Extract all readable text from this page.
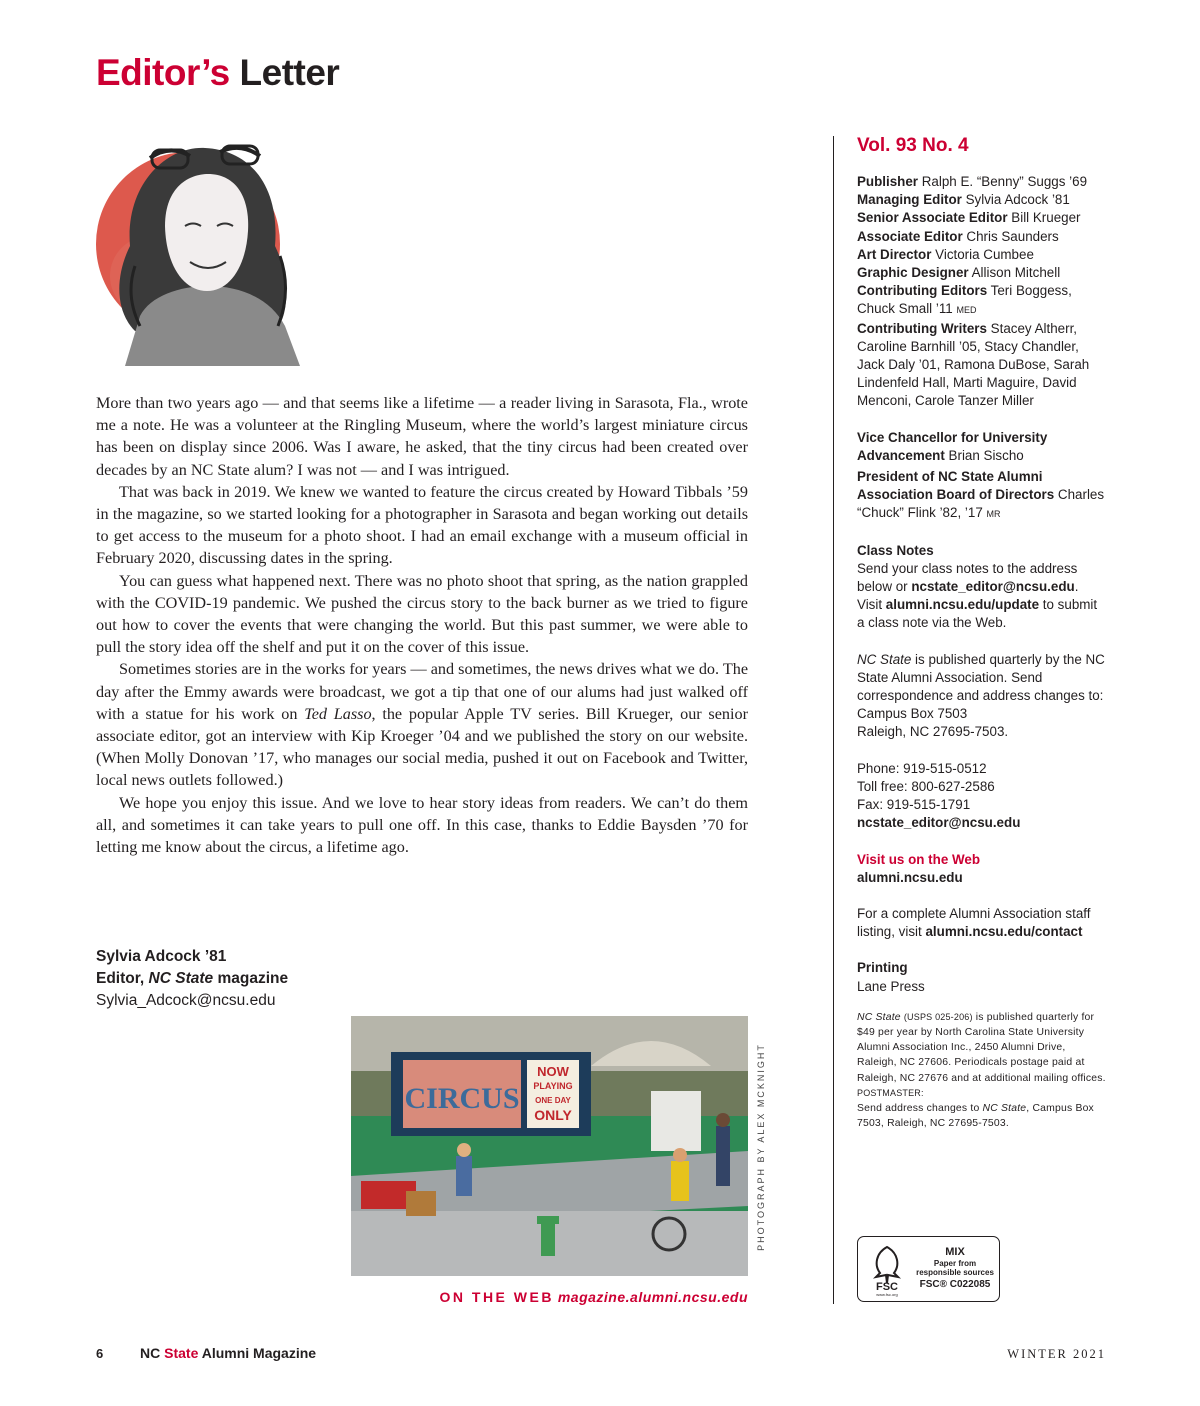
Editor’s Letter

More than two years ago — and that seems like a lifetime — a reader living in Sarasota, Fla., wrote me a note. He was a volunteer at the Ringling Museum, where the world’s largest miniature circus has been on display since 2006. Was I aware, he asked, that the tiny circus had been created over decades by an NC State alum? I was not — and I was intrigued.

That was back in 2019. We knew we wanted to feature the circus created by Howard Tibbals ’59 in the magazine, so we started looking for a photographer in Sarasota and began working out details to get access to the museum for a photo shoot. I had an email exchange with a museum official in February 2020, discussing dates in the spring.

You can guess what happened next. There was no photo shoot that spring, as the nation grappled with the COVID-19 pandemic. We pushed the circus story to the back burner as we tried to figure out how to cover the events that were changing the world. But this past summer, we were able to pull the story idea off the shelf and put it on the cover of this issue.

Sometimes stories are in the works for years — and sometimes, the news drives what we do. The day after the Emmy awards were broadcast, we got a tip that one of our alums had just walked off with a statue for his work on Ted Lasso, the popular Apple TV series. Bill Krueger, our senior associate editor, got an interview with Kip Kroeger ’04 and we published the story on our website. (When Molly Donovan ’17, who manages our social media, pushed it out on Facebook and Twitter, local news outlets followed.)

We hope you enjoy this issue. And we love to hear story ideas from readers. We can’t do them all, and sometimes it can take years to pull one off. In this case, thanks to Eddie Baysden ’70 for letting me know about the circus, a lifetime ago.

Sylvia Adcock ’81
Editor, NC State magazine
Sylvia_Adcock@ncsu.edu
CIRCUS
NOW
PLAYING
ONE DAY
ONLY	PHOTOGRAPH BY ALEX MCKNIGHT
ON THE WEB magazine.alumni.ncsu.edu
Vol. 93 No. 4
Publisher Ralph E. “Benny” Suggs ’69
Managing Editor Sylvia Adcock ’81
Senior Associate Editor Bill Krueger
Associate Editor Chris Saunders
Art Director Victoria Cumbee
Graphic Designer Allison Mitchell
Contributing Editors Teri Boggess,
Chuck Small ’11 MED
Contributing Writers Stacey Altherr, Caroline Barnhill ’05, Stacy Chandler, Jack Daly ’01, Ramona DuBose, Sarah Lindenfeld Hall, Marti Maguire, David Menconi, Carole Tanzer Miller
Vice Chancellor for University Advancement Brian Sischo
President of NC State Alumni Association Board of Directors Charles “Chuck” Flink ’82, ’17 MR
Class Notes
Send your class notes to the address below or ncstate_editor@ncsu.edu. Visit alumni.ncsu.edu/update to submit a class note via the Web.
NC State is published quarterly by the NC State Alumni Association. Send correspondence and address changes to:
Campus Box 7503
Raleigh, NC 27695-7503.
Phone: 919-515-0512
Toll free: 800-627-2586
Fax: 919-515-1791
ncstate_editor@ncsu.edu
Visit us on the Web
alumni.ncsu.edu
For a complete Alumni Association staff listing, visit alumni.ncsu.edu/contact
Printing
Lane Press
NC State (USPS 025-206) is published quarterly for $49 per year by North Carolina State University Alumni Association Inc., 2450 Alumni Drive, Raleigh, NC 27606. Periodicals postage paid at Raleigh, NC 27676 and at additional mailing offices. POSTMASTER:
Send address changes to NC State, Campus Box 7503, Raleigh, NC 27695-7503.
FSC
www.fsc.org
MIX
Paper from
responsible sources
FSC® C022085
6	NC State Alumni Magazine	WINTER 2021
